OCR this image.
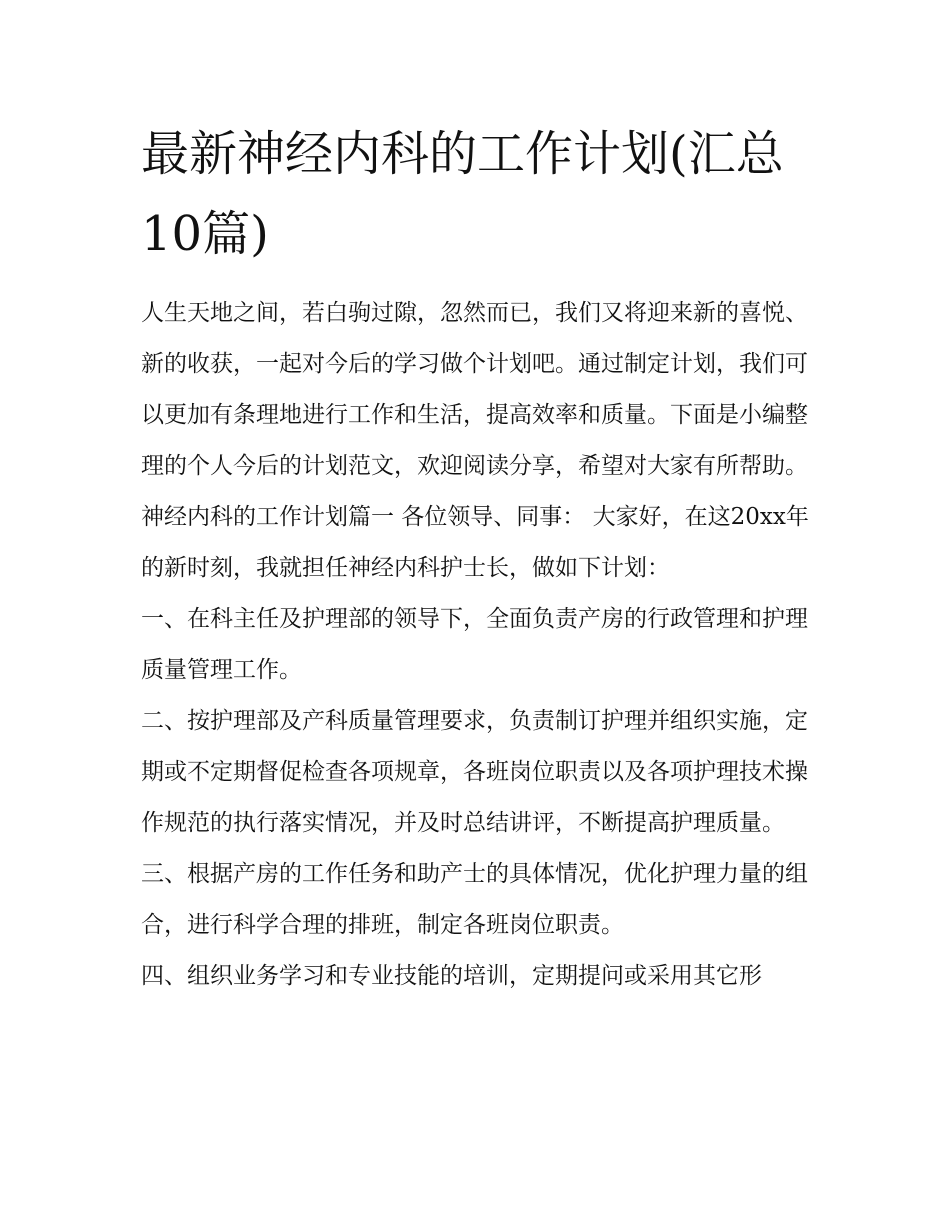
最新神经内科的工作计划(汇总10篇)

人生天地之间，若白驹过隙，忽然而已，我们又将迎来新的喜悦、新的收获，一起对今后的学习做个计划吧。通过制定计划，我们可以更加有条理地进行工作和生活，提高效率和质量。下面是小编整理的个人今后的计划范文，欢迎阅读分享，希望对大家有所帮助。

神经内科的工作计划篇一 各位领导、同事： 大家好，在这20xx年的新时刻，我就担任神经内科护士长，做如下计划：

一、在科主任及护理部的领导下，全面负责产房的行政管理和护理质量管理工作。

二、按护理部及产科质量管理要求，负责制订护理并组织实施，定期或不定期督促检查各项规章，各班岗位职责以及各项护理技术操作规范的执行落实情况，并及时总结讲评，不断提高护理质量。

三、根据产房的工作任务和助产士的具体情况，优化护理力量的组合，进行科学合理的排班，制定各班岗位职责。

四、组织业务学习和专业技能的培训，定期提问或采用其它形
